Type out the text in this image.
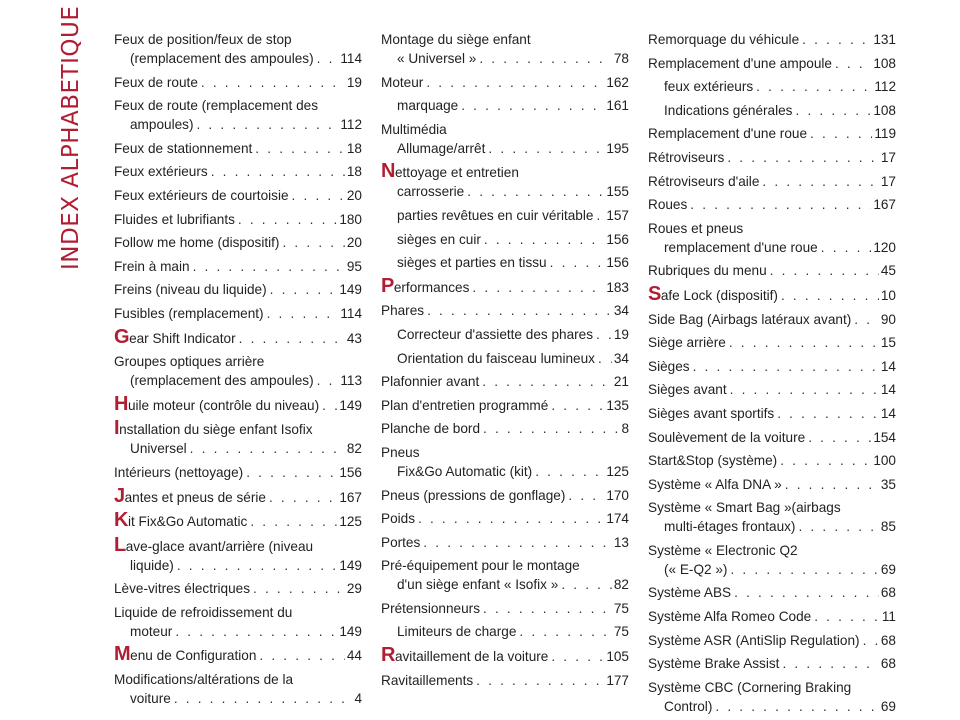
INDEX ALPHABETIQUE Feux de position/feux de stop
(remplacement des ampoules) . . . 114
Feux de route . . .	19
Feux de route (remplacement des
ampoules) . . .	112
Feux de stationnement . . .	18
Feux extérieurs . . .	18
Feux extérieurs de courtoisie . . .	20
Fluides et lubrifiants . . .	180
Follow me home (dispositif) . . .	20
Frein à main . . .	95
Freins (niveau du liquide) . . .	149
Fusibles (remplacement) . . .	114
G ear Shift Indicator . . .	43
Groupes optiques arrière
(remplacement des ampoules) . . . 113
H uile moteur (contrôle du niveau) . . . 149
I nstallation du siège enfant Isofix
Universel . . .	82
Intérieurs (nettoyage) . . .	156
J antes et pneus de série . . .	167
K it Fix&Go Automatic . . .	125
L ave-glace avant/arrière (niveau
liquide) . . .	149
Lève-vitres électriques . . .	29
Liquide de refroidissement du
moteur . . .	149
M enu de Configuration . . .	44
Modifications/altérations de la
voiture . . .	4
Montage du siège enfant
« Universel » . . .	78
Moteur . . .	162
marquage . . .	161
Multimédia
Allumage/arrêt . . .	195
N ettoyage et entretien
carrosserie . . .	155
parties revêtues en cuir véritable . . . 157
sièges en cuir . . .	156
sièges et parties en tissu . . .	156
P erformances . . .	183
Phares . . .	34
Correcteur d'assiette des phares . . . 19
Orientation du faisceau lumineux . . . 34
Plafonnier avant . . .	21
Plan d'entretien programmé . . .	135
Planche de bord . . .	8
Pneus
Fix&Go Automatic (kit) . . .	125
Pneus (pressions de gonflage) . . .	170
Poids . . .	174
Portes . . .	13
Pré-équipement pour le montage
d'un siège enfant « Isofix » . . .	82
Prétensionneurs . . .	75
Limiteurs de charge . . .	75
R avitaillement de la voiture . . .	105
Ravitaillements . . .	177
Remorquage du véhicule . . .	131
Remplacement d'une ampoule . . .	108
feux extérieurs . . .	112
Indications générales . . .	108
Remplacement d'une roue . . .	119
Rétroviseurs . . .	17
Rétroviseurs d'aile . . .	17
Roues . . .	167
Roues et pneus
remplacement d'une roue . . .	120
Rubriques du menu . . .	45
S afe Lock (dispositif) . . .	10
Side Bag (Airbags latéraux avant) . . . 90
Siège arrière . . .	15
Sièges . . .	14
Sièges avant . . .	14
Sièges avant sportifs . . .	14
Soulèvement de la voiture . . .	154
Start&Stop (système) . . .	100
Système « Alfa DNA » . . .	35
Système « Smart Bag »(airbags
multi-étages frontaux) . . .	85
Système « Electronic Q2
(« E-Q2 ») . . .	69
Système ABS . . .	68
Système Alfa Romeo Code . . .	11
Système ASR (AntiSlip Regulation) . . . 68
Système Brake Assist . . .	68
Système CBC (Cornering Braking
Control) . . .	69
